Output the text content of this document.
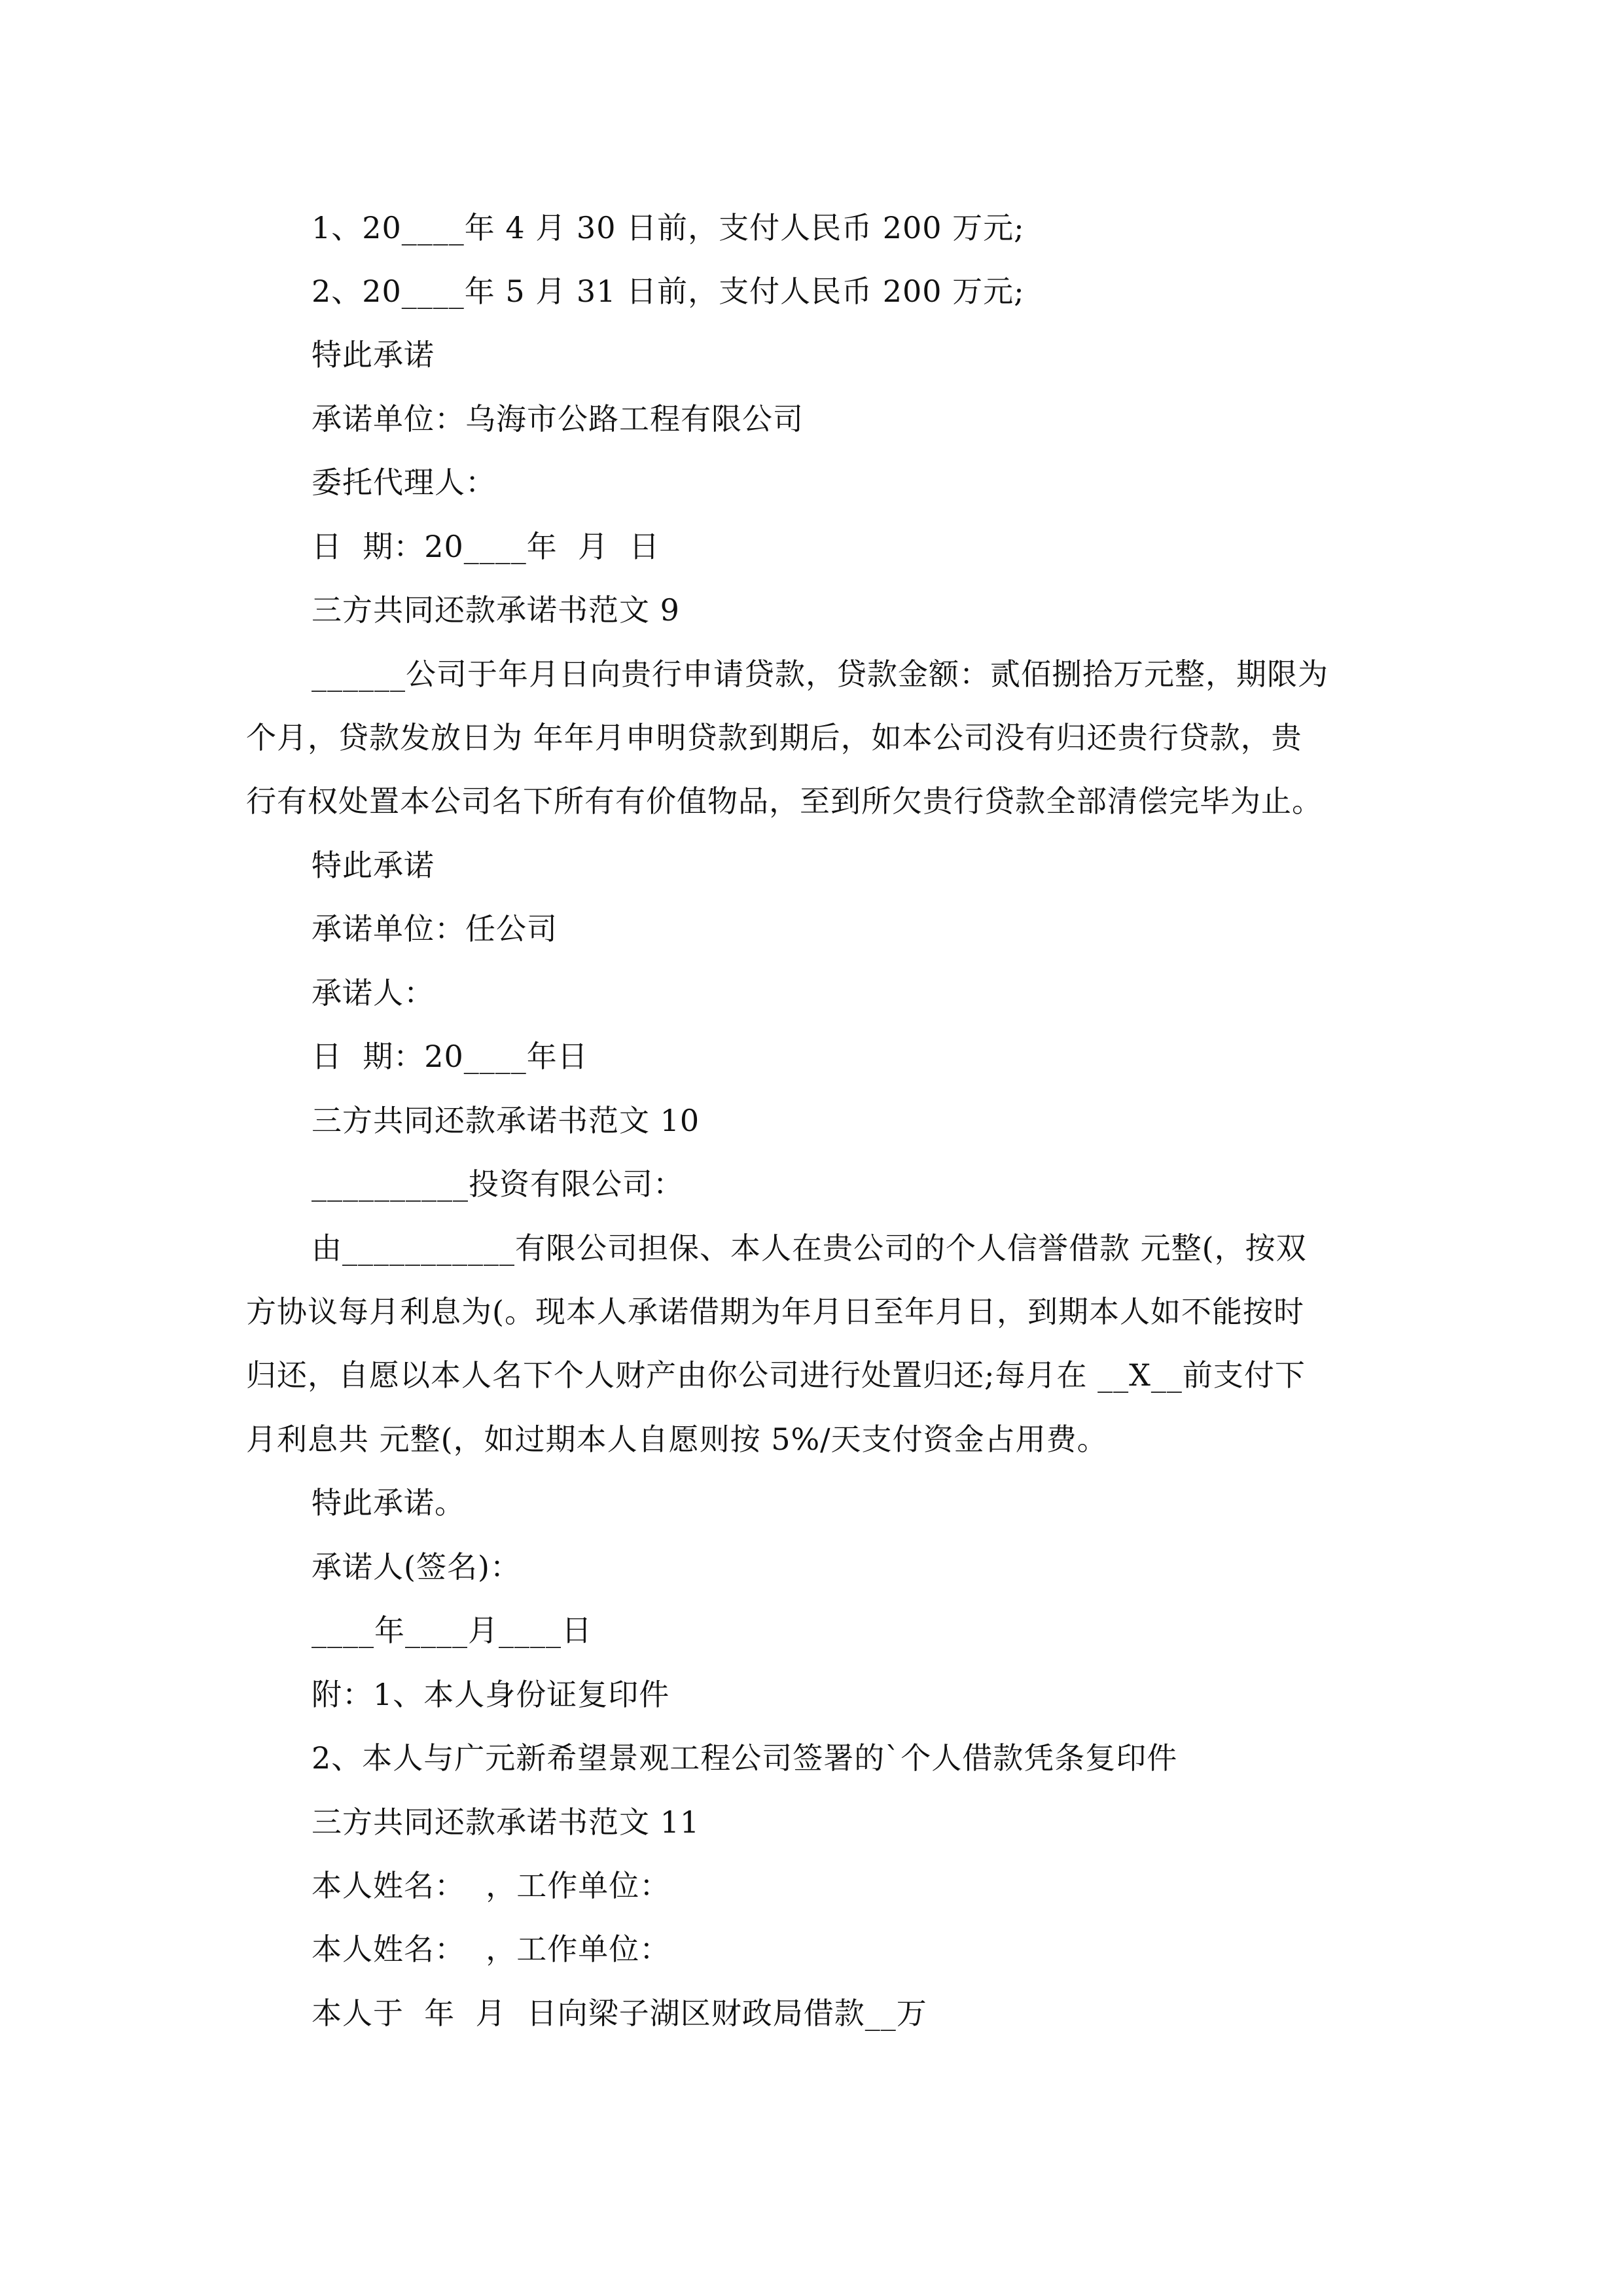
1、20____年 4 月 30 日前，支付人民币 200 万元;
2、20____年 5 月 31 日前，支付人民币 200 万元;
特此承诺
承诺单位：乌海市公路工程有限公司
委托代理人：
日  期：20____年  月  日
三方共同还款承诺书范文 9
______公司于年月日向贵行申请贷款，贷款金额：贰佰捌拾万元整，期限为
个月，贷款发放日为 年年月申明贷款到期后，如本公司没有归还贵行贷款，贵
行有权处置本公司名下所有有价值物品，至到所欠贵行贷款全部清偿完毕为止。
特此承诺
承诺单位：任公司
承诺人：
日  期：20____年日
三方共同还款承诺书范文 10
__________投资有限公司：
由___________有限公司担保、本人在贵公司的个人信誉借款 元整(，按双
方协议每月利息为(。现本人承诺借期为年月日至年月日，到期本人如不能按时
归还，自愿以本人名下个人财产由你公司进行处置归还;每月在 __X__前支付下
月利息共 元整(，如过期本人自愿则按 5%/天支付资金占用费。
特此承诺。
承诺人(签名)：
____年____月____日
附：1、本人身份证复印件
2、本人与广元新希望景观工程公司签署的`个人借款凭条复印件
三方共同还款承诺书范文 11
本人姓名：  ，工作单位：
本人姓名：  ，工作单位：
本人于  年  月  日向梁子湖区财政局借款__万
